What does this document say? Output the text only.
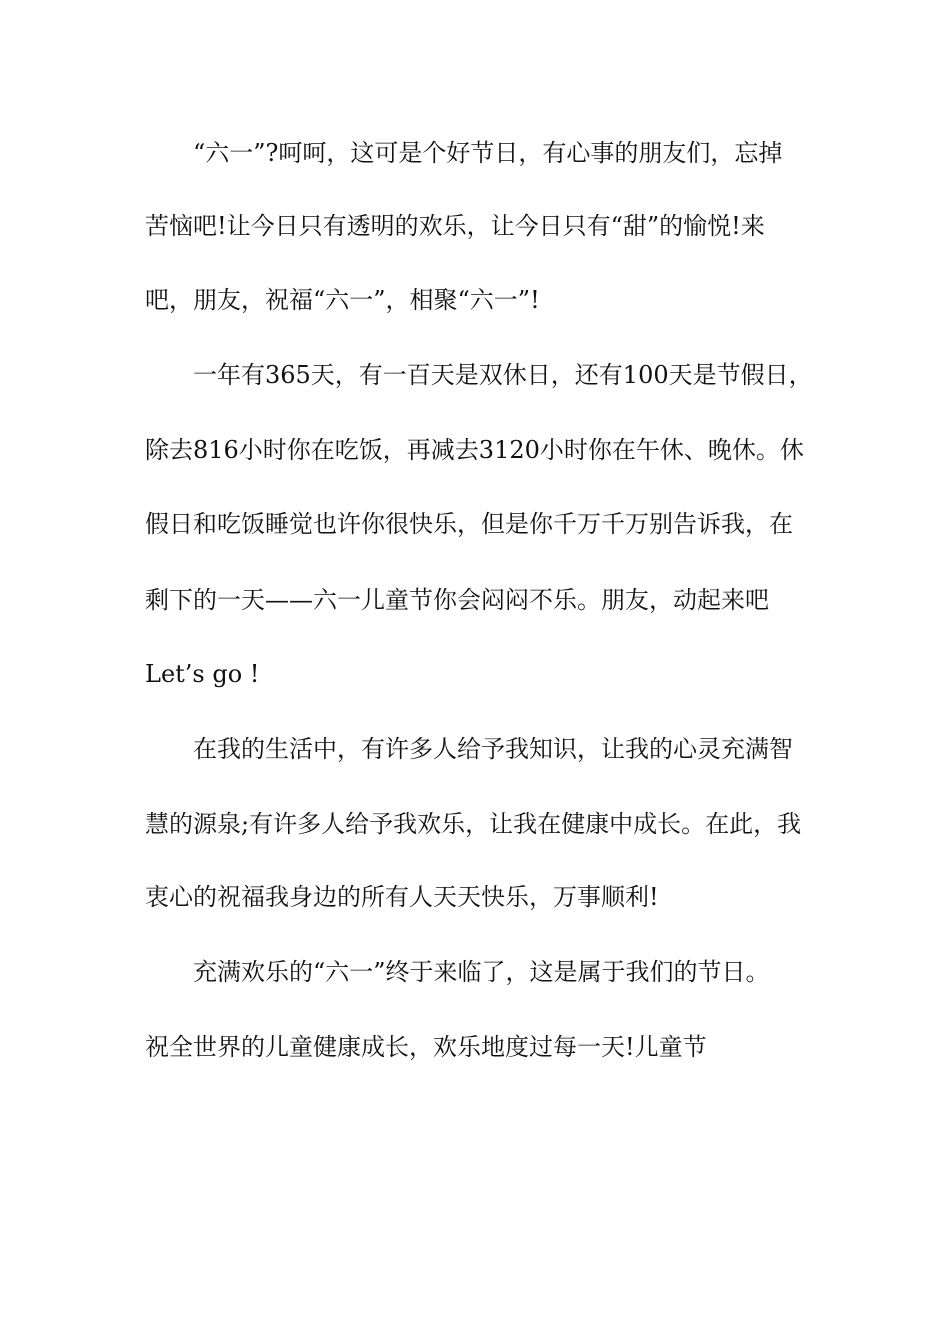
“六一”?呵呵，这可是个好节日，有心事的朋友们，忘掉
苦恼吧!让今日只有透明的欢乐，让今日只有“甜”的愉悦!来
吧，朋友，祝福“六一”，相聚“六一”!
一年有365天，有一百天是双休日，还有100天是节假日，
除去816小时你在吃饭，再减去3120小时你在午休、晚休。休
假日和吃饭睡觉也许你很快乐，但是你千万千万别告诉我，在
剩下的一天——六一儿童节你会闷闷不乐。朋友，动起来吧
Let’s go !
在我的生活中，有许多人给予我知识，让我的心灵充满智
慧的源泉;有许多人给予我欢乐，让我在健康中成长。在此，我
衷心的祝福我身边的所有人天天快乐，万事顺利!
充满欢乐的“六一”终于来临了，这是属于我们的节日。
祝全世界的儿童健康成长，欢乐地度过每一天!儿童节
